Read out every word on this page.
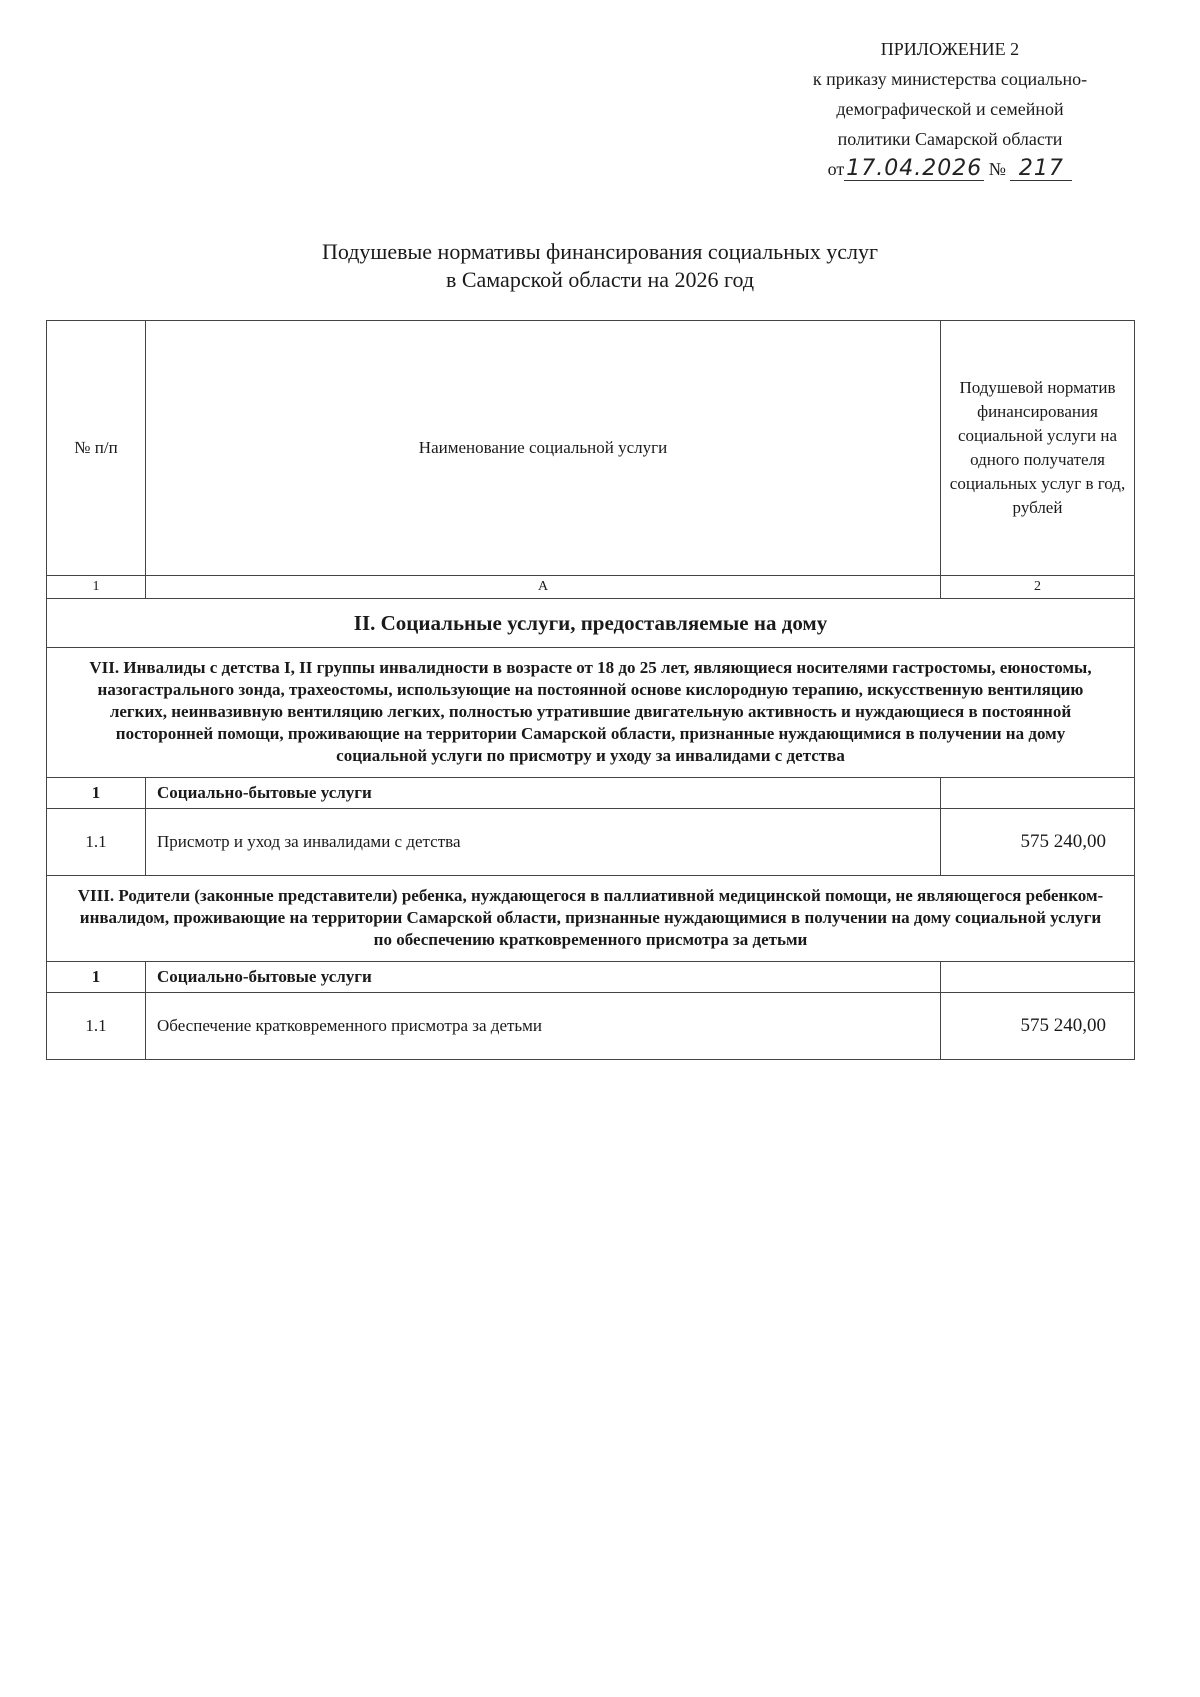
ПРИЛОЖЕНИЕ 2
к приказу министерства социально-
демографической и семейной
политики Самарской области
от17.04.2026 № 217
Подушевые нормативы финансирования социальных услуг
в Самарской области на 2026 год
№ п/п	Наименование социальной услуги	Подушевой норматив финансирования социальной услуги на одного получателя социальных услуг в год, рублей
1	А	2
II. Социальные услуги, предоставляемые на дому		
VII. Инвалиды с детства I, II группы инвалидности в возрасте от 18 до 25 лет, являющиеся носителями гастростомы, еюностомы, назогастрального зонда, трахеостомы, использующие на постоянной основе кислородную терапию, искусственную вентиляцию легких, неинвазивную вентиляцию легких, полностью утратившие двигательную активность и нуждающиеся в постоянной посторонней помощи, проживающие на территории Самарской области, признанные нуждающимися в получении на дому социальной услуги по присмотру и уходу за инвалидами с детства		
1	Социально-бытовые услуги	
1.1	Присмотр и уход за инвалидами с детства	575 240,00
VIII. Родители (законные представители) ребенка, нуждающегося в паллиативной медицинской помощи, не являющегося ребенком-инвалидом, проживающие на территории Самарской области, признанные нуждающимися в получении на дому социальной услуги по обеспечению кратковременного присмотра за детьми		
1	Социально-бытовые услуги	
1.1	Обеспечение кратковременного присмотра за детьми	575 240,00
